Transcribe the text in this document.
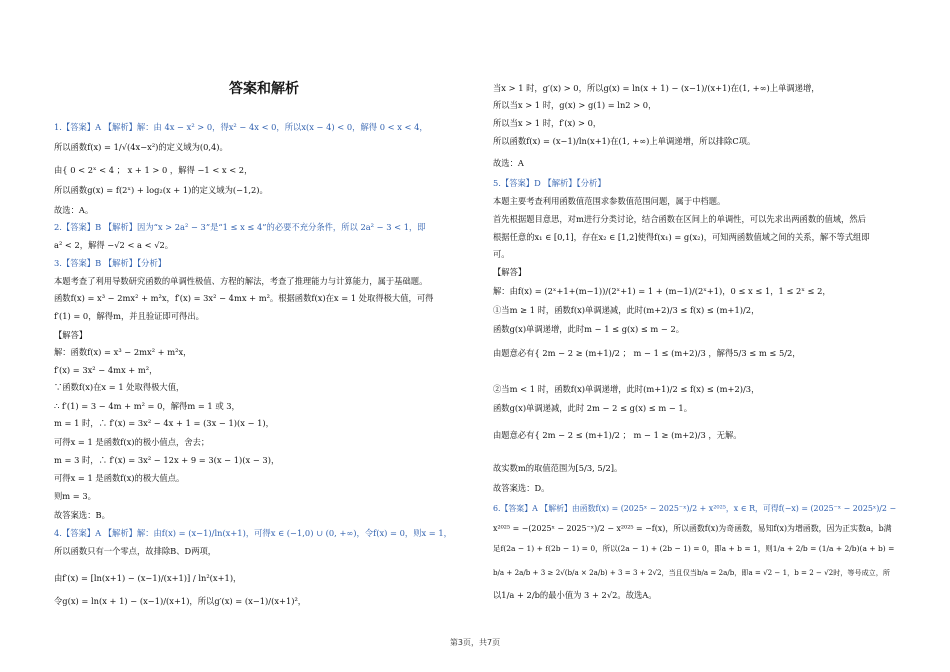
答案和解析
1.【答案】A 【解析】解：由 4x − x² > 0，得x² − 4x < 0，所以x(x − 4) < 0，解得 0 < x < 4，
所以函数f(x) = 1/√(4x−x²)的定义域为(0,4)。
由{ 0 < 2ˣ < 4 ； x + 1 > 0 ，解得 −1 < x < 2，
所以函数g(x) = f(2ˣ) + log₂(x + 1)的定义域为(−1,2)。
故选：A。
2.【答案】B 【解析】因为“x > 2a² − 3”是“1 ≤ x ≤ 4”的必要不充分条件，所以 2a² − 3 < 1，即
a² < 2，解得 −√2 < a < √2。
3.【答案】B 【解析】【分析】
本题考查了利用导数研究函数的单调性极值、方程的解法，考查了推理能力与计算能力，属于基础题。
函数f(x) = x³ − 2mx² + m²x，f′(x) = 3x² − 4mx + m²。根据函数f(x)在x = 1 处取得极大值，可得
f′(1) = 0，解得m，并且验证即可得出。
【解答】
解：函数f(x) = x³ − 2mx² + m²x，
f′(x) = 3x² − 4mx + m²，
∵函数f(x)在x = 1 处取得极大值，
∴ f′(1) = 3 − 4m + m² = 0，解得m = 1 或 3，
m = 1 时，∴ f′(x) = 3x² − 4x + 1 = (3x − 1)(x − 1)，
可得x = 1 是函数f(x)的极小值点，舍去；
m = 3 时，∴ f′(x) = 3x² − 12x + 9 = 3(x − 1)(x − 3)，
可得x = 1 是函数f(x)的极大值点。
则m = 3。
故答案选：B。
4.【答案】A 【解析】解：由f(x) = (x−1)/ln(x+1)，可得x ∈ (−1,0) ∪ (0, +∞)，令f(x) = 0，则x = 1，
所以函数只有一个零点，故排除B、D两项，
由f′(x) = [ln(x+1) − (x−1)/(x+1)] / ln²(x+1)，
令g(x) = ln(x + 1) − (x−1)/(x+1)，所以g′(x) = (x−1)/(x+1)²，
当x > 1 时，g′(x) > 0，所以g(x) = ln(x + 1) − (x−1)/(x+1)在(1, +∞)上单调递增，
所以当x > 1 时，g(x) > g(1) = ln2 > 0，
所以当x > 1 时，f′(x) > 0，
所以函数f(x) = (x−1)/ln(x+1)在(1, +∞)上单调递增，所以排除C项。
故选：A
5.【答案】D 【解析】【分析】
本题主要考查利用函数值范围求参数值范围问题，属于中档题。
首先根据题目意思，对m进行分类讨论，结合函数在区间上的单调性，可以先求出两函数的值域，然后
根据任意的x₁ ∈ [0,1]，存在x₂ ∈ [1,2]使得f(x₁) = g(x₂)，可知两函数值域之间的关系，解不等式组即
可。
【解答】
解：由f(x) = (2ˣ+1+(m−1))/(2ˣ+1) = 1 + (m−1)/(2ˣ+1)，0 ≤ x ≤ 1，1 ≤ 2ˣ ≤ 2，
①当m ≥ 1 时，函数f(x)单调递减，此时(m+2)/3 ≤ f(x) ≤ (m+1)/2，
函数g(x)单调递增，此时m − 1 ≤ g(x) ≤ m − 2。
由题意必有{ 2m − 2 ≥ (m+1)/2 ； m − 1 ≤ (m+2)/3 ，解得5/3 ≤ m ≤ 5/2，
②当m < 1 时，函数f(x)单调递增，此时(m+1)/2 ≤ f(x) ≤ (m+2)/3，
函数g(x)单调递减，此时 2m − 2 ≤ g(x) ≤ m − 1。
由题意必有{ 2m − 2 ≤ (m+1)/2 ； m − 1 ≥ (m+2)/3 ，无解。
故实数m的取值范围为[5/3, 5/2]。
故答案选：D。
6.【答案】A 【解析】由函数f(x) = (2025ˣ − 2025⁻ˣ)/2 + x²⁰²⁵，x ∈ R，可得f(−x) = (2025⁻ˣ − 2025ˣ)/2 −
x²⁰²⁵ = −(2025ˣ − 2025⁻ˣ)/2 − x²⁰²⁵ = −f(x)，所以函数f(x)为奇函数，易知f(x)为增函数，因为正实数a，b满
足f(2a − 1) + f(2b − 1) = 0，所以(2a − 1) + (2b − 1) = 0，即a + b = 1，则1/a + 2/b = (1/a + 2/b)(a + b) =
b/a + 2a/b + 3 ≥ 2√(b/a × 2a/b) + 3 = 3 + 2√2，当且仅当b/a = 2a/b，即a = √2 − 1，b = 2 − √2时，等号成立，所
以1/a + 2/b的最小值为 3 + 2√2。故选A。
第3页，共7页
